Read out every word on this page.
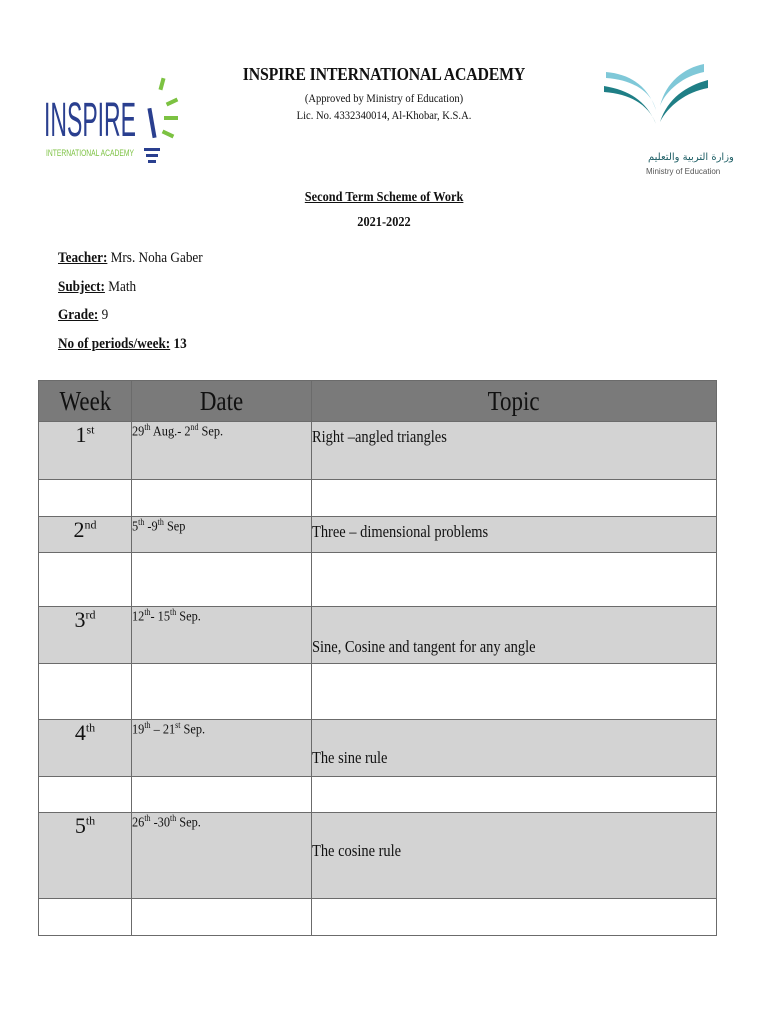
INSPIRE
INTERNATIONAL ACADEMY	وزارة التربية والتعليم
Ministry of Education
INSPIRE INTERNATIONAL ACADEMY
(Approved by Ministry of Education)
Lic. No. 4332340014, Al-Khobar, K.S.A.
Second Term Scheme of Work
2021-2022
Teacher: Mrs. Noha Gaber
Subject: Math
Grade: 9
No of periods/week: 13
Week	Date	Topic
1st	29th Aug.- 2nd Sep.	Right –angled triangles

2nd	5th -9th Sep	Three – dimensional problems

3rd	12th- 15th Sep.	Sine, Cosine and tangent for any angle

4th	19th – 21st Sep.	The sine rule

5th	26th -30th Sep.	The cosine rule
